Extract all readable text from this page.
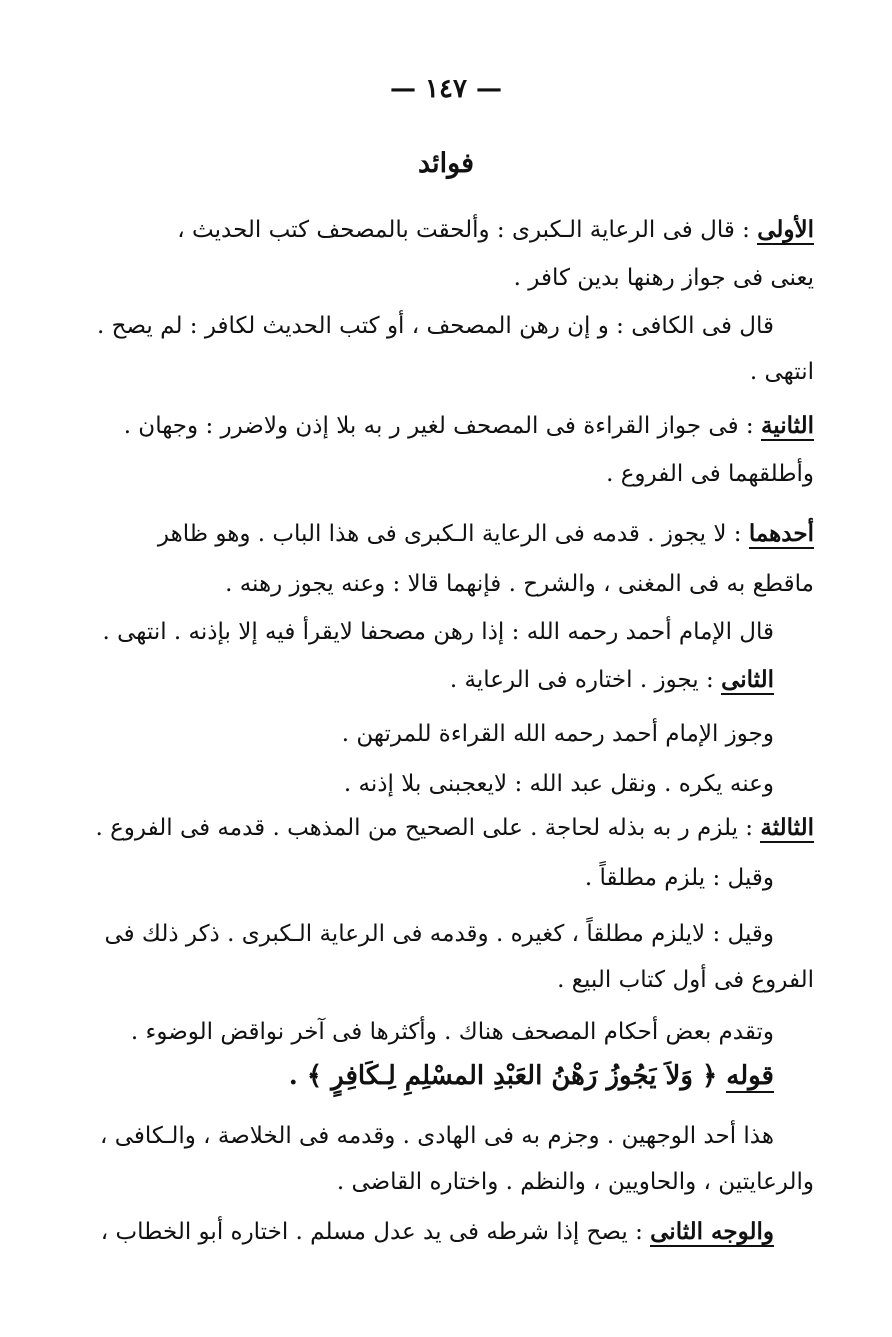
— ١٤٧ —
فوائد
الأولى : قال فى الرعاية الـكبرى : وألحقت بالمصحف كتب الحديث ،
يعنى فى جواز رهنها بدين كافر .
قال فى الكافى : و إن رهن المصحف ، أو كتب الحديث لكافر : لم يصح .
انتهى .
الثانية : فى جواز القراءة فى المصحف لغير ر به بلا إذن ولاضرر : وجهان .
وأطلقهما فى الفروع .
أحدهما : لا يجوز . قدمه فى الرعاية الـكبرى فى هذا الباب . وهو ظاهر
ماقطع به فى المغنى ، والشرح . فإنهما قالا : وعنه يجوز رهنه .
قال الإمام أحمد رحمه الله : إذا رهن مصحفا لايقرأ فيه إلا بإذنه . انتهى .
الثانى : يجوز . اختاره فى الرعاية .
وجوز الإمام أحمد رحمه الله القراءة للمرتهن .
وعنه يكره . ونقل عبد الله : لايعجبنى بلا إذنه .
الثالثة : يلزم ر به بذله لحاجة . على الصحيح من المذهب . قدمه فى الفروع .
وقيل : يلزم مطلقاً .
وقيل : لايلزم مطلقاً ، كغيره . وقدمه فى الرعاية الـكبرى . ذكر ذلك فى
الفروع فى أول كتاب البيع .
وتقدم بعض أحكام المصحف هناك . وأكثرها فى آخر نواقض الوضوء .
قوله ﴿ وَلاَ يَجُوزُ رَهْنُ العَبْدِ المسْلِمِ لِـكَافِرٍ ﴾ .
هذا أحد الوجهين . وجزم به فى الهادى . وقدمه فى الخلاصة ، والـكافى ،
والرعايتين ، والحاويين ، والنظم . واختاره القاضى .
والوجه الثانى : يصح إذا شرطه فى يد عدل مسلم . اختاره أبو الخطاب ،
